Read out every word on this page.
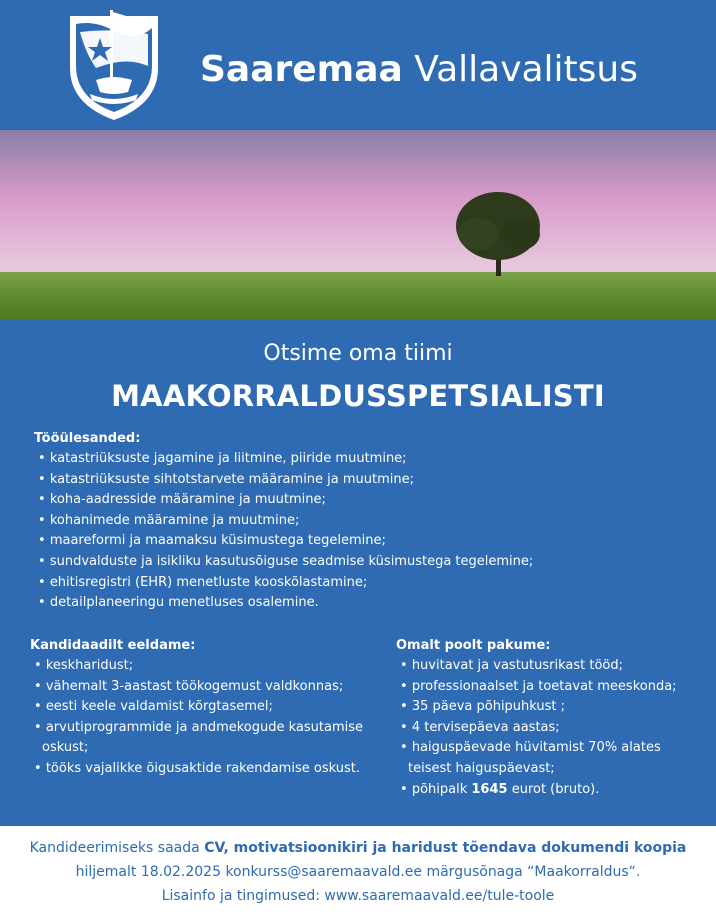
Saaremaa Vallavalitsus
Otsime oma tiimi
MAAKORRALDUSSPETSIALISTI
Tööülesanded:
• katastriüksuste jagamine ja liitmine, piiride muutmine;
• katastriüksuste sihtotstarvete määramine ja muutmine;
• koha-aadresside määramine ja muutmine;
• kohanimede määramine ja muutmine;
• maareformi ja maamaksu küsimustega tegelemine;
• sundvalduste ja isikliku kasutusõiguse seadmise küsimustega tegelemine;
• ehitisregistri (EHR) menetluste kooskõlastamine;
• detailplaneeringu menetluses osalemine.
Kandidaadilt eeldame:
• keskharidust;
• vähemalt 3-aastast töökogemust valdkonnas;
• eesti keele valdamist kõrgtasemel;
• arvutiprogrammide ja andmekogude kasutamise oskust;
• tööks vajalikke õigusaktide rakendamise oskust.
Omalt poolt pakume:
• huvitavat ja vastutusrikast tööd;
• professionaalset ja toetavat meeskonda;
• 35 päeva põhipuhkust ;
• 4 tervisepäeva aastas;
• haiguspäevade hüvitamist 70% alates teisest haiguspäevast;
• põhipalk 1645 eurot (bruto).

Kandideerimiseks saada CV, motivatsioonikiri ja haridust tõendava dokumendi koopia

hiljemalt 18.02.2025 konkurss@saaremaavald.ee märgusõnaga “Maakorraldus“.

Lisainfo ja tingimused: www.saaremaavald.ee/tule-toole
